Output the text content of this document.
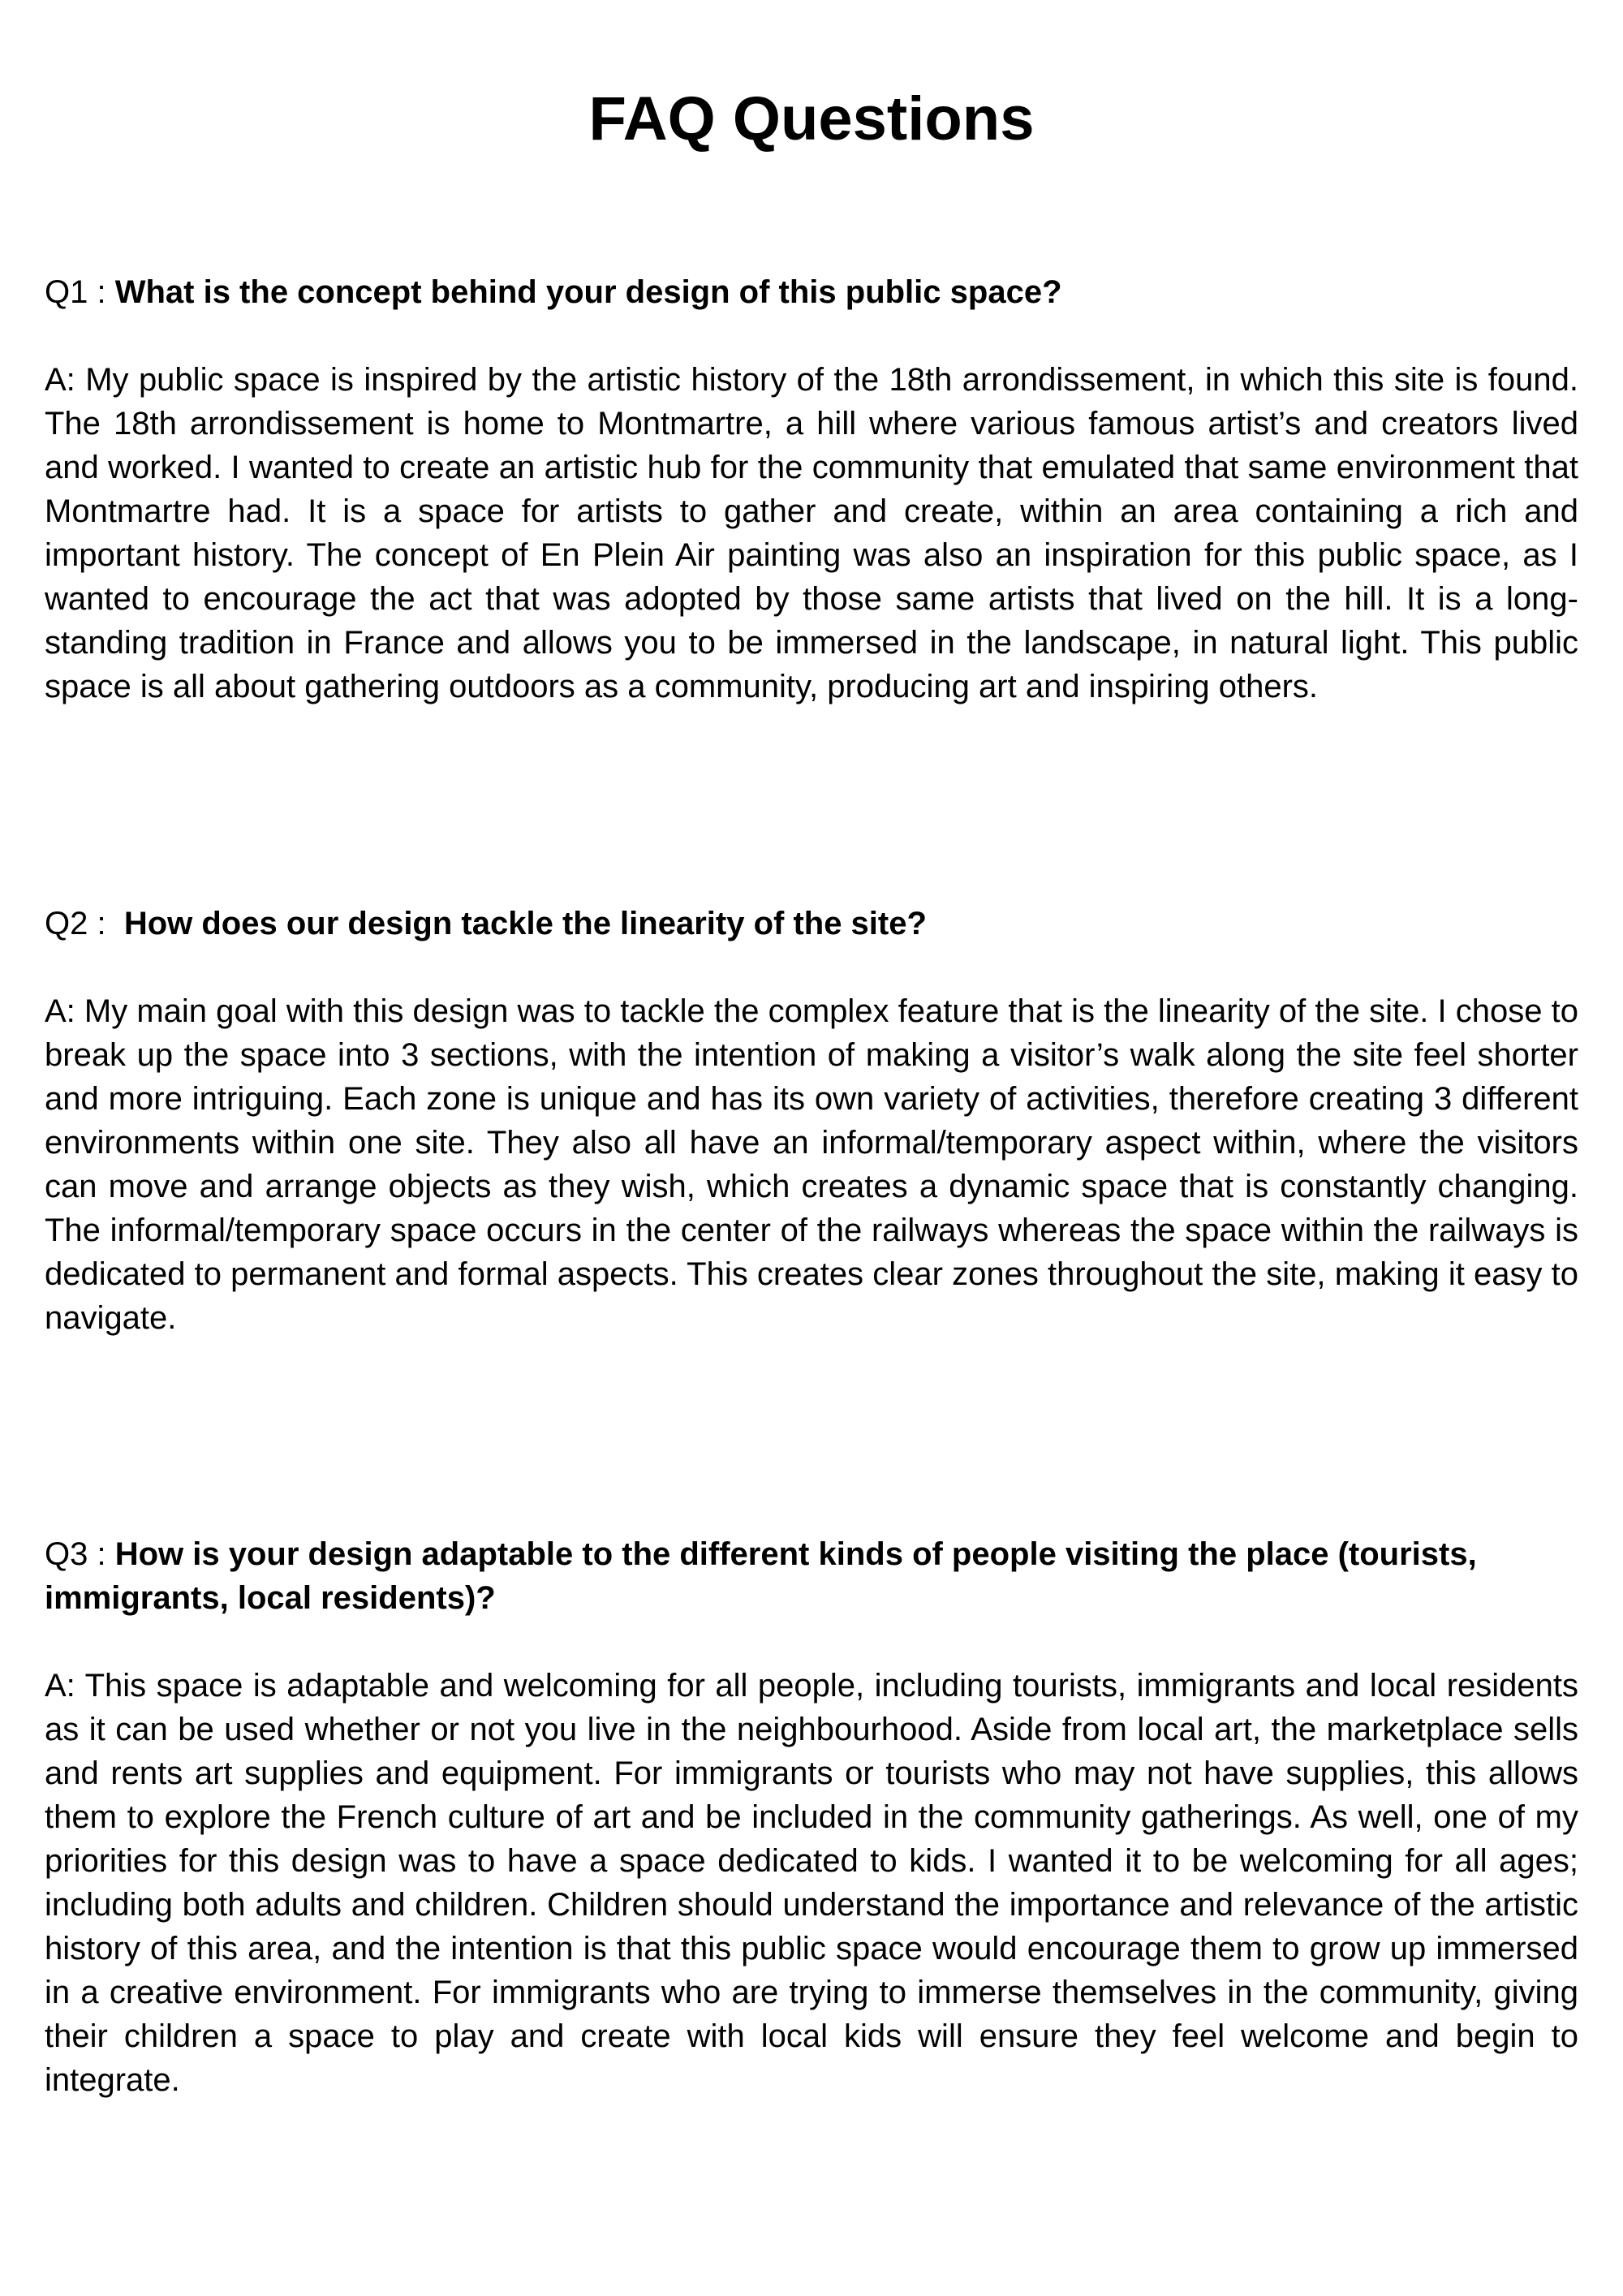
FAQ Questions

Q1 : What is the concept behind your design of this public space?

A: My public space is inspired by the artistic history of the 18th arrondissement, in which this site is found. The 18th arrondissement is home to Montmartre, a hill where various famous artist’s and creators lived and worked. I wanted to create an artistic hub for the community that emulated that same environment that Montmartre had. It is a space for artists to gather and create, within an area containing a rich and important history. The concept of En Plein Air painting was also an inspiration for this public space, as I wanted to encourage the act that was adopted by those same artists that lived on the hill. It is a long-standing tradition in France and allows you to be immersed in the landscape, in natural light. This public space is all about gathering outdoors as a community, producing art and inspiring others.

Q2 : How does our design tackle the linearity of the site?

A: My main goal with this design was to tackle the complex feature that is the linearity of the site. I chose to break up the space into 3 sections, with the intention of making a visitor’s walk along the site feel shorter and more intriguing. Each zone is unique and has its own variety of activities, therefore creating 3 different environments within one site. They also all have an informal/temporary aspect within, where the visitors can move and arrange objects as they wish, which creates a dynamic space that is constantly changing. The informal/temporary space occurs in the center of the railways whereas the space within the railways is dedicated to permanent and formal aspects. This creates clear zones throughout the site, making it easy to navigate.

Q3 : How is your design adaptable to the different kinds of people visiting the place (tourists, immigrants, local residents)?

A: This space is adaptable and welcoming for all people, including tourists, immigrants and local residents as it can be used whether or not you live in the neighbourhood. Aside from local art, the marketplace sells and rents art supplies and equipment. For immigrants or tourists who may not have supplies, this allows them to explore the French culture of art and be included in the community gatherings. As well, one of my priorities for this design was to have a space dedicated to kids. I wanted it to be welcoming for all ages; including both adults and children. Children should understand the importance and relevance of the artistic history of this area, and the intention is that this public space would encourage them to grow up immersed in a creative environment. For immigrants who are trying to immerse themselves in the community, giving their children a space to play and create with local kids will ensure they feel welcome and begin to integrate.
